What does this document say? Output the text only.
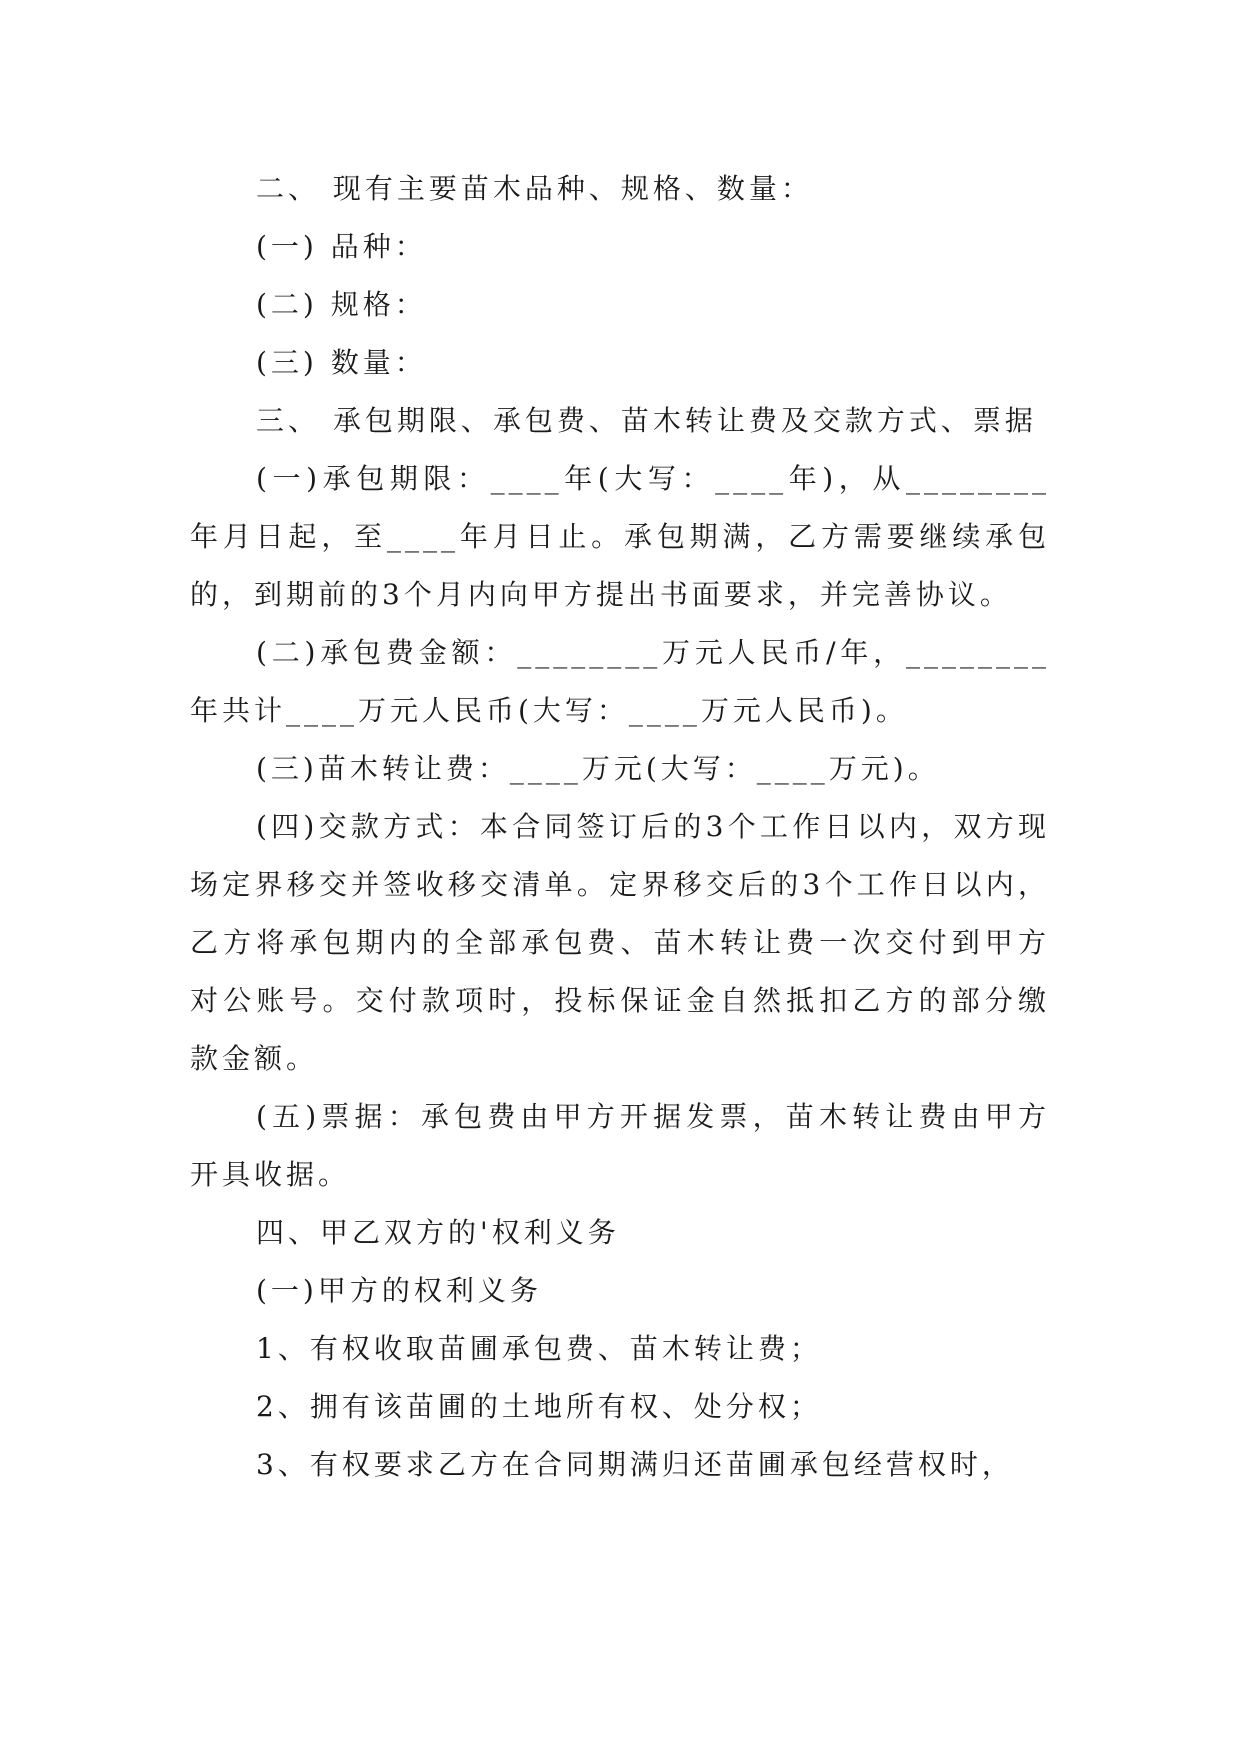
二、 现有主要苗木品种、规格、数量：

(一) 品种：

(二) 规格：

(三) 数量：

三、 承包期限、承包费、苗木转让费及交款方式、票据

(一)承包期限：____年(大写：____年)，从________年月日起，至____年月日止。承包期满，乙方需要继续承包的，到期前的3个月内向甲方提出书面要求，并完善协议。

(二)承包费金额：________万元人民币/年，________年共计____万元人民币(大写：____万元人民币)。

(三)苗木转让费：____万元(大写：____万元)。

(四)交款方式：本合同签订后的3个工作日以内，双方现场定界移交并签收移交清单。定界移交后的3个工作日以内，乙方将承包期内的全部承包费、苗木转让费一次交付到甲方对公账号。交付款项时，投标保证金自然抵扣乙方的部分缴款金额。

(五)票据：承包费由甲方开据发票，苗木转让费由甲方开具收据。

四、甲乙双方的'权利义务

(一)甲方的权利义务

1、有权收取苗圃承包费、苗木转让费；

2、拥有该苗圃的土地所有权、处分权；

3、有权要求乙方在合同期满归还苗圃承包经营权时，
